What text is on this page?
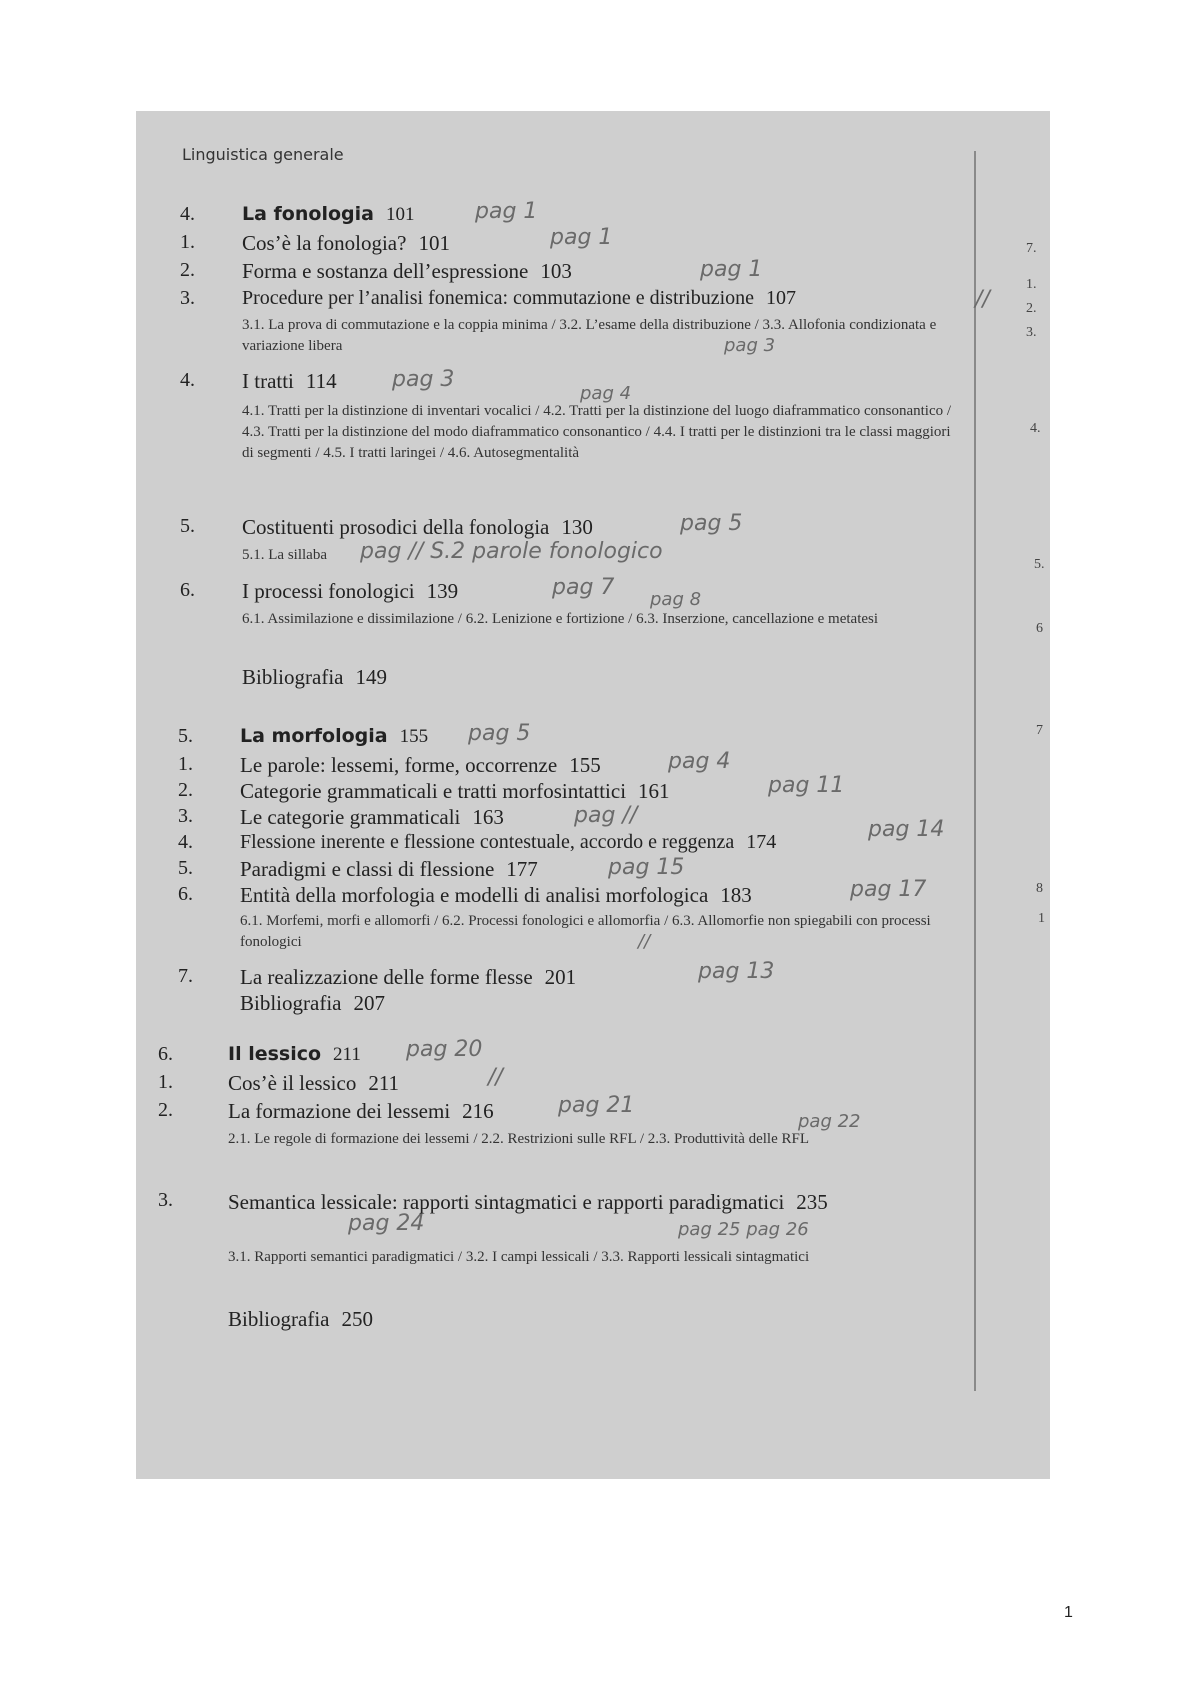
Linguistica generale
7.
1.
2.
3.
4.
5.
6
7
8
1
4. La fonologia 101	pag 1
1. Cos’è la fonologia? 101	pag 1
2. Forma e sostanza dell’espressione 103	pag 1
3. Procedure per l’analisi fonemica: commutazione e distribuzione 107	//
3.1. La prova di commutazione e la coppia minima / 3.2. L’esame della distribuzione / 3.3. Allofonia condizionata e variazione libera	pag 3
4. I tratti 114	pag 3
4.1. Tratti per la distinzione di inventari vocalici / 4.2. Tratti per la distinzione del luogo diaframmatico consonantico / 4.3. Tratti per la distinzione del modo diaframmatico consonantico / 4.4. I tratti per le distinzioni tra le classi maggiori di segmenti / 4.5. I tratti laringei / 4.6. Autosegmentalità
pag 4
5. Costituenti prosodici della fonologia 130	pag 5
5.1. La sillaba	pag // S.2 parole fonologico
6. I processi fonologici 139	pag 7
6.1. Assimilazione e dissimilazione / 6.2. Lenizione e fortizione / 6.3. Inserzione, cancellazione e metatesi
pag 8
Bibliografia 149
5. La morfologia 155 pag 5
1. Le parole: lessemi, forme, occorrenze 155	pag 4
2. Categorie grammaticali e tratti morfosintattici 161	pag 11
3. Le categorie grammaticali 163	pag //
4. Flessione inerente e flessione contestuale, accordo e reggenza 174	pag 14
5. Paradigmi e classi di flessione 177	pag 15
6. Entità della morfologia e modelli di analisi morfologica 183	pag 17
6.1. Morfemi, morfi e allomorfi / 6.2. Processi fonologici e allomorfia / 6.3. Allomorfie non spiegabili con processi fonologici	//
7. La realizzazione delle forme flesse 201	pag 13
Bibliografia 207
6.	Il lessico 211 pag 20
1.	Cos’è il lessico 211	//
2.	La formazione dei lessemi 216	pag 21
2.1. Le regole di formazione dei lessemi / 2.2. Restrizioni sulle RFL / 2.3. Produttività delle RFL
pag 22
3.	Semantica lessicale: rapporti sintagmatici e rapporti paradigmatici 235
pag 24
3.1. Rapporti semantici paradigmatici / 3.2. I campi lessicali / 3.3. Rapporti lessicali sintagmatici
pag 25 pag 26
Bibliografia 250
1
